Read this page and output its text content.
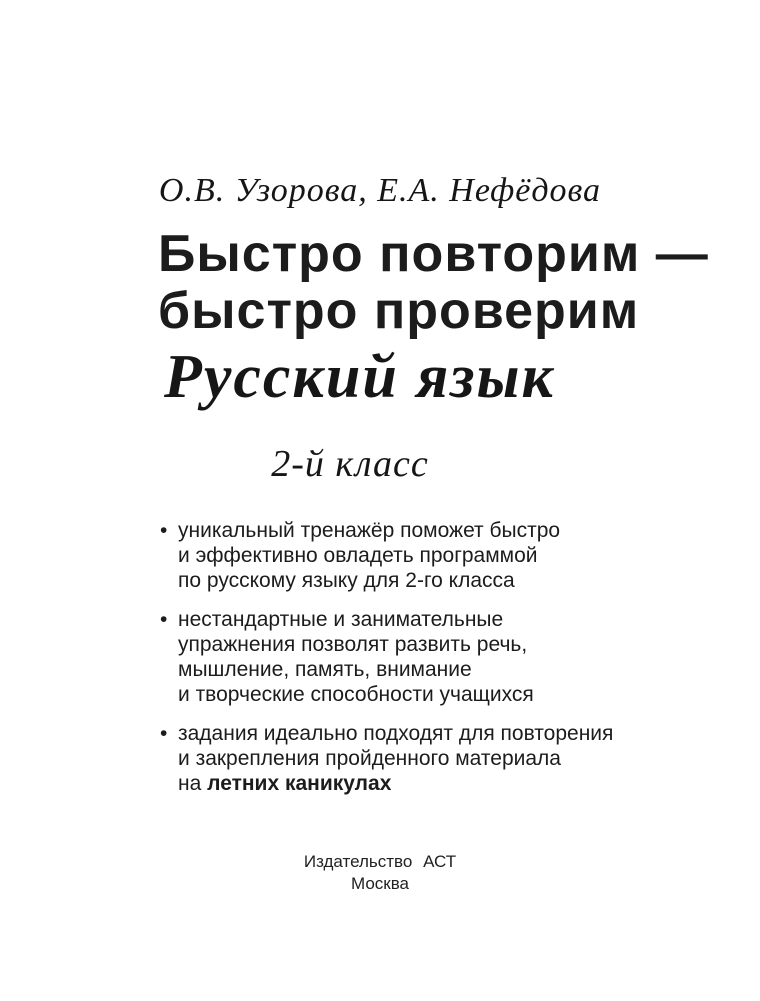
О.В. Узорова, Е.А. Нефёдова
Быстро повторим —
быстро проверим
Русский язык
2-й класс
• уникальный тренажёр поможет быстро
и эффективно овладеть программой
по русскому языку для 2-го класса
• нестандартные и занимательные
упражнения позволят развить речь,
мышление, память, внимание
и творческие способности учащихся
• задания идеально подходят для повторения
и закрепления пройденного материала
на летних каникулах
Издательство АСТ
Москва
